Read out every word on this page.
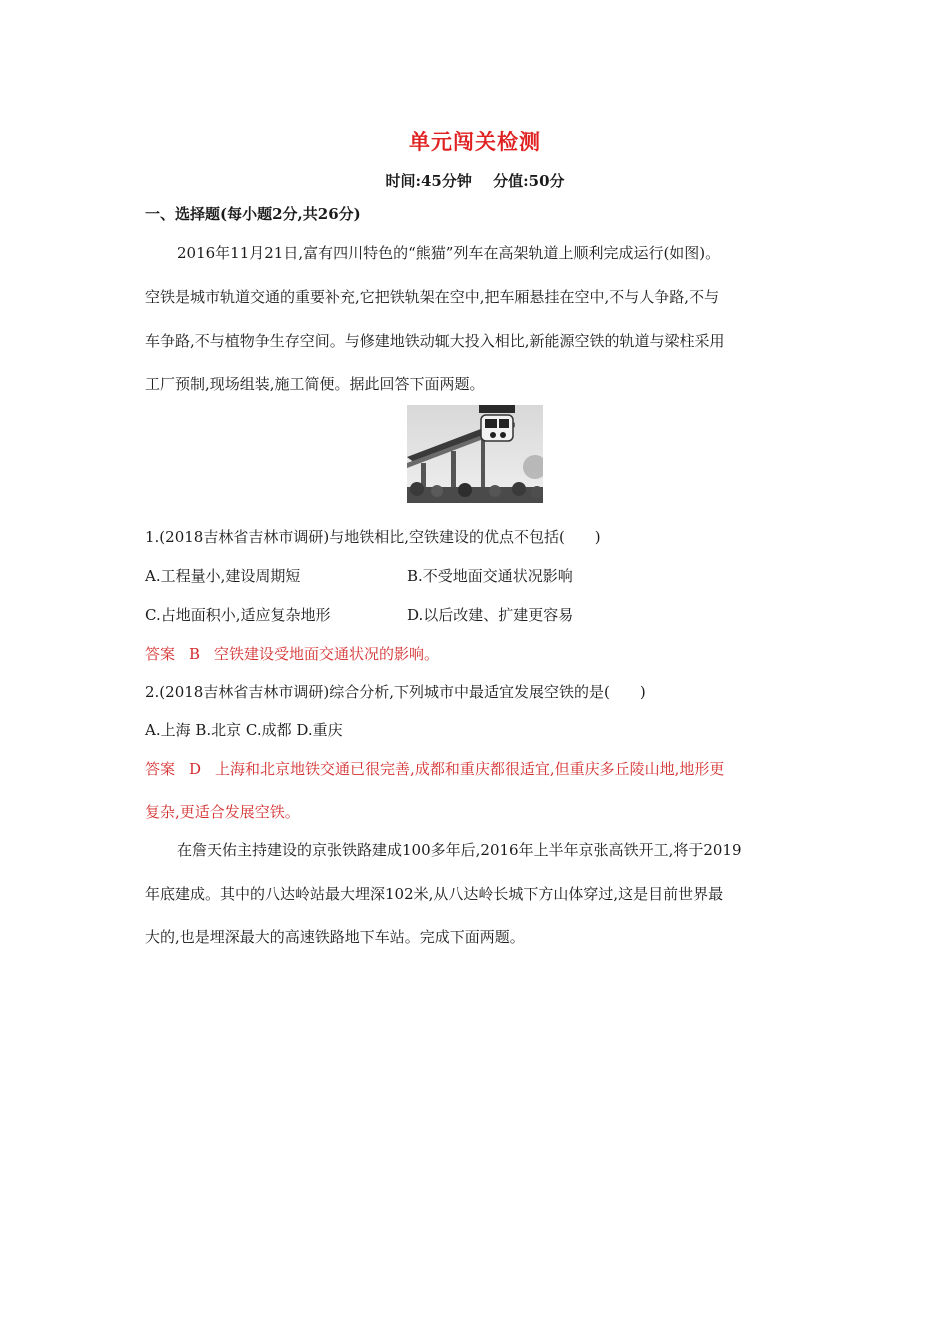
单元闯关检测
时间:45分钟 分值:50分
一、选择题(每小题2分,共26分)
2016年11月21日,富有四川特色的“熊猫”列车在高架轨道上顺利完成运行(如图)。
空铁是城市轨道交通的重要补充,它把铁轨架在空中,把车厢悬挂在空中,不与人争路,不与
车争路,不与植物争生存空间。与修建地铁动辄大投入相比,新能源空铁的轨道与梁柱采用
工厂预制,现场组装,施工简便。据此回答下面两题。
1.(2018吉林省吉林市调研)与地铁相比,空铁建设的优点不包括(　　)
A.工程量小,建设周期短	B.不受地面交通状况影响
C.占地面积小,适应复杂地形	D.以后改建、扩建更容易
答案 B 空铁建设受地面交通状况的影响。
2.(2018吉林省吉林市调研)综合分析,下列城市中最适宜发展空铁的是(　　)
A.上海 B.北京 C.成都 D.重庆
答案 D 上海和北京地铁交通已很完善,成都和重庆都很适宜,但重庆多丘陵山地,地形更
复杂,更适合发展空铁。
在詹天佑主持建设的京张铁路建成100多年后,2016年上半年京张高铁开工,将于2019
年底建成。其中的八达岭站最大埋深102米,从八达岭长城下方山体穿过,这是目前世界最
大的,也是埋深最大的高速铁路地下车站。完成下面两题。
